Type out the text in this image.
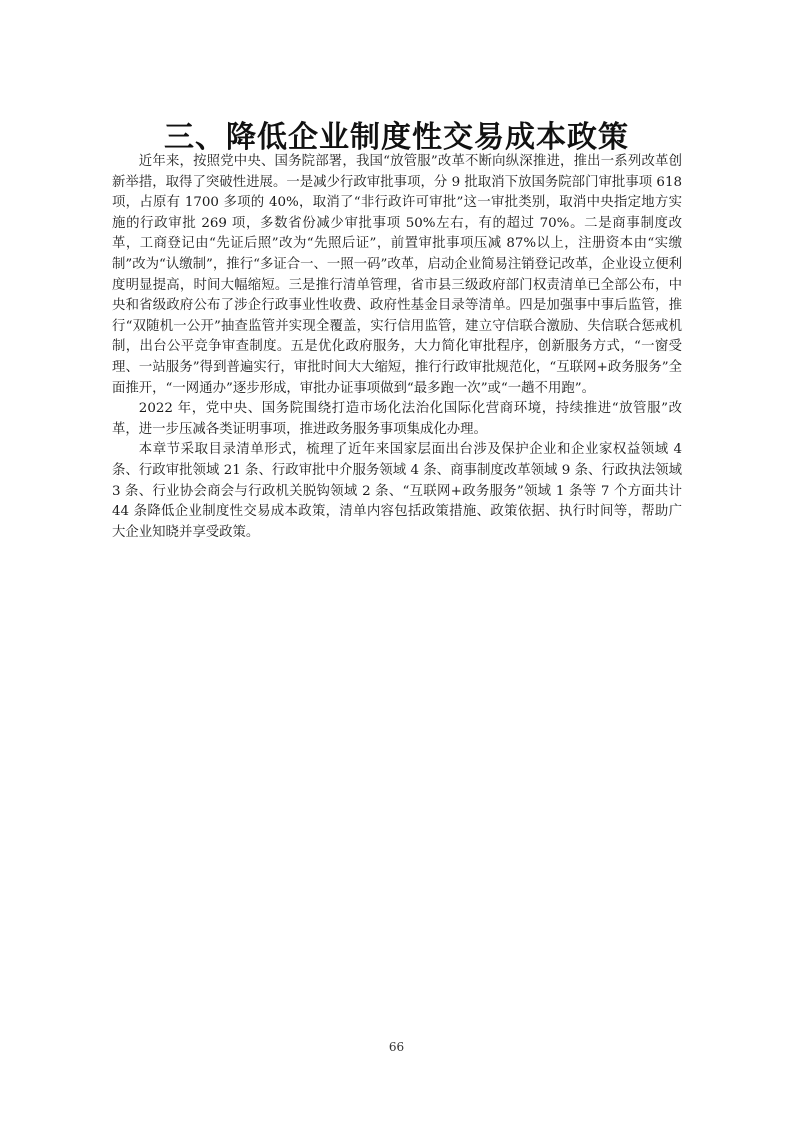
三、降低企业制度性交易成本政策

近年来，按照党中央、国务院部署，我国“放管服”改革不断向纵深推进，推出一系列改革创新举措，取得了突破性进展。一是减少行政审批事项，分 9 批取消下放国务院部门审批事项 618 项，占原有 1700 多项的 40%，取消了“非行政许可审批”这一审批类别，取消中央指定地方实施的行政审批 269 项，多数省份减少审批事项 50%左右，有的超过 70%。二是商事制度改革，工商登记由“先证后照”改为“先照后证”，前置审批事项压减 87%以上，注册资本由“实缴制”改为“认缴制”，推行“多证合一、一照一码”改革，启动企业简易注销登记改革，企业设立便利度明显提高，时间大幅缩短。三是推行清单管理，省市县三级政府部门权责清单已全部公布，中央和省级政府公布了涉企行政事业性收费、政府性基金目录等清单。四是加强事中事后监管，推行“双随机一公开”抽查监管并实现全覆盖，实行信用监管，建立守信联合激励、失信联合惩戒机制，出台公平竞争审查制度。五是优化政府服务，大力简化审批程序，创新服务方式，“一窗受理、一站服务”得到普遍实行，审批时间大大缩短，推行行政审批规范化，“互联网+政务服务”全面推开，“一网通办”逐步形成，审批办证事项做到“最多跑一次”或“一趟不用跑”。

2022 年，党中央、国务院围绕打造市场化法治化国际化营商环境，持续推进“放管服”改革，进一步压减各类证明事项，推进政务服务事项集成化办理。

本章节采取目录清单形式，梳理了近年来国家层面出台涉及保护企业和企业家权益领域 4 条、行政审批领域 21 条、行政审批中介服务领域 4 条、商事制度改革领域 9 条、行政执法领域 3 条、行业协会商会与行政机关脱钩领域 2 条、“互联网+政务服务”领域 1 条等 7 个方面共计 44 条降低企业制度性交易成本政策，清单内容包括政策措施、政策依据、执行时间等，帮助广大企业知晓并享受政策。

66
